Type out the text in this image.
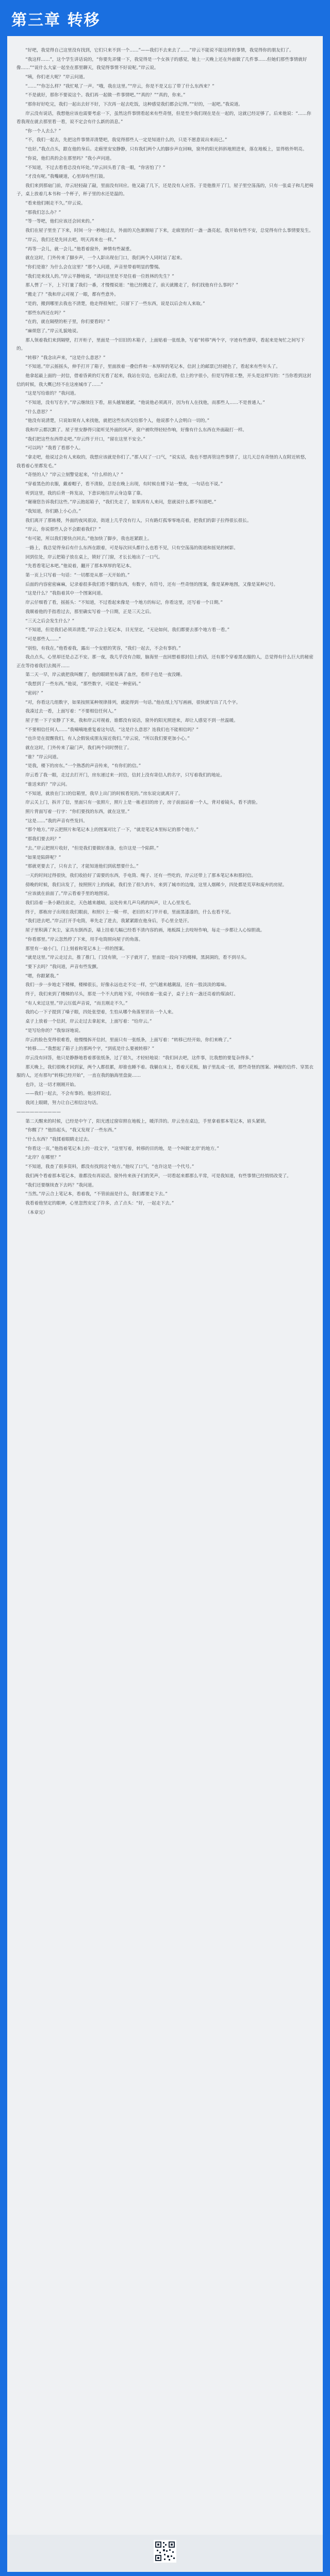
第三章 转移

“好吧，我觉得自己这里没有找到，它们只来不到一个……”——我们不去来去了……”岸云不能说不能这样的事情，我觉得你的朋友们了。

“我这样……”，这个学生讲话说的，“你要先弄懂一下，我觉得是一个女孩子的感觉，她上一天晚上还在外面做了几件事……但她们那些事情就好像……”“说什么大家一起坐在那里聊天，我觉得事情不好说呢。”岸云说。

“咦，你们老大呢？”岸云问道。

“……”“你怎么样？”我忙吼了一声。“哦，我在这里。”“岸云，你是不是又忘了带了什么东西来？”

“不是就好，那你不要说这个。我们再一起做一件事情吧。”“真的？”“真的，你来。”

“那你好好吃完，我们一起出去好不好，下次再一起去吃饭，这种感觉我们都会记得。”“好的，一起吧。”我说道。

岸云没有说话，我想他应该也需要考虑一下，虽然这件事情看起来有些奇怪，但是至少我们现在是在一起的，这就已经足够了。后来他说：“……你看我现在就去那里看一看，说不定会有什么新的消息。”

“你一个人去么？”

“不，我们一起去，先把这件事情弄清楚吧，我觉得那些人一定是知道什么的，只是不愿意说出来而已。”

“也好。”我点点头，跟在他的身后。走廊里安安静静，只有我们两个人的脚步声在回响，窗外的阳光斜斜地照进来，落在地板上，显得格外明亮。

“你说，他们真的会在那里吗？”我小声问道。

“不知道，不过去看看总没有坏处。”岸云回头看了我一眼，“你害怕了？”

“才没有呢。”我嘴硬道，心里却有些打鼓。

我们来到那扇门前，岸云轻轻敲了敲，里面没有回应。他又敲了几下，还是没有人应答。于是他推开了门，屋子里空荡荡的，只有一张桌子和几把椅子，桌上放着几本书和一个杯子，杯子里的水还是温的。

“看来他们刚走不久。”岸云说。

“那我们怎么办？”

“等一等吧，他们应该还会回来的。”

我们在屋子里坐了下来，时间一分一秒地过去，外面的天色渐渐暗了下来，走廊里的灯一盏一盏亮起，我开始有些不安，总觉得有什么事情要发生。

“岸云，我们还是先回去吧，明天再来也一样。”

“再等一会儿，就一会儿。”他看着窗外，神情有些凝重。

就在这时，门外传来了脚步声，一个人影出现在门口，我们两个人同时站了起来。

“你们是谁？为什么会在这里？”那个人问道，声音里带着明显的警惕。

“我们是来找人的。”岸云平静地说，“请问这里是不是住着一位姓林的先生？”

那人愣了一下，上下打量了我们一番，才慢慢说道：“他已经搬走了，前天就搬走了，你们找他有什么事吗？”

“搬走了？”我和岸云对视了一眼，都有些意外。

“是的，搬到哪里去我也不清楚，他走得很匆忙，只留下了一些东西，说是以后会有人来取。”

“那些东西还在吗？”

“在的，就在隔壁的柜子里，你们要看吗？”

“麻烦您了。”岸云礼貌地说。

那人领着我们来到隔壁，打开柜子，里面是一个旧旧的木箱子，上面贴着一张纸条，写着“转移”两个字，字迹有些潦草，看起来是匆忙之间写下的。

“转移？”我念出声来，“这是什么意思？”

“不知道。”岸云摇摇头，伸手打开了箱子，里面放着一叠信件和一本厚厚的笔记本，信封上的邮票已经褪色了，看起来有些年头了。

他拿起最上面的一封信，借着昏黄的灯光看了起来，我站在旁边，也凑过去看，信上的字很小，但是写得很工整，开头是这样写的：“当你看到这封信的时候，我大概已经不在这座城市了……”

“这是写给谁的？”我问道。

“不知道，没有写名字。”岸云继续往下看，眉头越皱越紧，“他说他必须离开，因为有人在找他，而那些人……不是普通人。”

“什么意思？”

“他没有说清楚，只说如果有人来找他，就把这些东西交给那个人，他说那个人会明白一切的。”

我和岸云都沉默了。屋子里安静得只能听见外面的风声，窗户被吹得轻轻作响，好像有什么东西在外面敲打一样。

“我们把这些东西带走吧。”岸云终于开口，“留在这里不安全。”

“可以吗？”我看了看那个人。

“拿走吧，他说过会有人来取的，我想应该就是你们了。”那人叹了一口气，“说实话，我也不想再管这些事情了，这几天总有奇怪的人在附近转悠，我看着心里都发毛。”

“奇怪的人？”岸云立刻警觉起来，“什么样的人？”

“穿着黑色的衣服，戴着帽子，看不清脸，总是在晚上出现，有时候在楼下站一整夜，一句话也不说。”

听到这里，我的后背一阵发凉，下意识地往岸云身边靠了靠。

“谢谢您告诉我们这些。”岸云抱起箱子，“我们先走了，如果再有人来问，您就说什么都不知道吧。”

“我知道，你们路上小心点。”

我们离开了那栋楼，外面的夜风很凉，街道上几乎没有行人，只有路灯孤零零地亮着，把我们的影子拉得很长很长。

“岸云，你说那些人会不会跟着我们？”

“有可能，所以我们要快点回去。”他加快了脚步，我也赶紧跟上。

一路上，我总觉得身后有什么东西在跟着，可是每次回头都什么也看不见，只有空荡荡的街道和摇晃的树影。

回到住处，岸云把箱子放在桌上，锁好了门窗，才长长地出了一口气。

“先看看笔记本吧。”他说着，翻开了那本厚厚的笔记本。

第一页上只写着一句话：“一切都是从那一天开始的。”

后面的内容密密麻麻，记录着很多我们看不懂的东西，有数字，有符号，还有一些奇怪的图案，像是某种地图，又像是某种记号。

“这是什么？”我指着其中一个图案问道。

岸云仔细看了看，摇摇头：“不知道，不过看起来像是一个地方的标记，你看这里，还写着一个日期。”

我顺着他的手指看过去，那里确实写着一个日期，正是三天之后。

“三天之后会发生什么？”

“不知道，但是我们必须弄清楚。”岸云合上笔记本，目光坚定，“无论如何，我们都要去那个地方看一看。”

“可是那些人……”

“别怕，有我在。”他看着我，露出一个安慰的笑容，“我们一起去，不会有事的。”

我点点头，心里却还是忐忑不安。那一夜，我几乎没有合眼，脑海里一直回想着那封信上的话，还有那个穿着黑衣服的人，总觉得有什么巨大的秘密正在等待着我们去揭开……

第二天一早，岸云就把我叫醒了，他的眼睛里布满了血丝，看样子也是一夜没睡。

“我想到了一些东西。”他说，“那些数字，可能是一种密码。”

“密码？”

“对，你看这几组数字，如果按照某种规律排列，就能得到一句话。”他在纸上写写画画，很快就写出了几个字。

我凑过去一看，上面写着：“不要相信任何人。”

屋子里一下子安静了下来，我和岸云对视着，谁都没有说话，窗外的阳光照进来，却让人感觉不到一丝温暖。

“不要相信任何人……”我喃喃地重复着这句话，“这是什么意思？连我们也不能相信吗？”

“也许是在提醒我们，有人会假装成朋友接近我们。”岸云说，“所以我们要更加小心。”

就在这时，门外传来了敲门声，我们两个同时愣住了。

“谁？”岸云问道。

“是我，楼下的房东。”一个熟悉的声音传来，“有你们的信。”

岸云看了我一眼，走过去打开门，房东递过来一封信，信封上没有寄信人的名字，只写着我们的地址。

“谁送来的？”岸云问。

“不知道，就放在门口的信箱里，我早上出门的时候看见的。”房东说完就离开了。

岸云关上门，拆开了信，里面只有一张照片，照片上是一栋老旧的房子，房子前面站着一个人，背对着镜头，看不清脸。

照片背面写着一行字：“你们要找的东西，就在这里。”

“这是……”我的声音有些发抖。

“那个地方。”岸云把照片和笔记本上的图案对比了一下，“就是笔记本里标记的那个地方。”

“那我们要去吗？”

“去。”岸云把照片收好，“但是我们要做好准备，也许这是一个陷阱。”

“如果是陷阱呢？”

“那就更要去了，只有去了，才能知道他们到底想要什么。”

一天的时间过得很快，我们收拾好了需要的东西，手电筒、绳子、还有一些吃的，岸云还带上了那本笔记本和那封信。

傍晚的时候，我们出发了，按照照片上的线索，我们坐了很久的车，来到了城市的边缘，这里人烟稀少，四处都是荒草和废弃的房屋。

“应该就在前面了。”岸云看着手里的地图说。

我们沿着一条小路往前走，天色越来越暗，远处传来几声乌鸦的叫声，让人心里发毛。

终于，那栋房子出现在我们眼前，和照片上一模一样，老旧的木门半开着，里面黑漆漆的，什么也看不见。

“我们进去吧。”岸云打开手电筒，率先走了进去，我紧紧跟在他身后，手心里全是汗。

屋子里积满了灰尘，家具东倒西歪，墙上挂着几幅已经看不清内容的画，地板踩上去吱呀作响，每走一步都让人心惊胆战。

“你看那里。”岸云忽然停了下来，用手电筒照向屋子的角落。

那里有一扇小门，门上刻着和笔记本上一样的图案。

“就是这里。”岸云走过去，推了推门，门没有锁，一下子就开了，里面是一段向下的楼梯，黑洞洞的，看不到尽头。

“要下去吗？”我问道，声音有些发颤。

“嗯，你跟紧我。”

我们一步一步地走下楼梯，楼梯很长，好像永远也走不完一样，空气越来越潮湿，还有一股淡淡的霉味。

终于，我们来到了楼梯的尽头，那是一个不大的地下室，中间放着一张桌子，桌子上有一盏还亮着的煤油灯。

“有人来过这里。”岸云压低声音说，“而且刚走不久。”

我的心一下子提到了嗓子眼，四处张望着，生怕从哪个角落里冒出一个人来。

桌子上放着一个信封，岸云走过去拿起来，上面写着：“给岸云。”

“是写给你的？”我惊讶地说。

岸云的脸色变得很难看，他慢慢拆开信封，里面只有一张纸条，上面写着：“转移已经开始，你们来晚了。”

“转移……”我想起了箱子上的那两个字，“到底是什么要被转移？”

岸云没有回答，他只是静静地看着那张纸条，过了很久，才轻轻地说：“我们回去吧，这件事，比我想的要复杂得多。”

那天晚上，我们很晚才回到家，两个人都很累，却谁也睡不着。我躺在床上，看着天花板，脑子里乱成一团，那些奇怪的图案、神秘的信件、穿黑衣服的人，还有那句“转移已经开始”，一直在我的脑海里盘旋……

也许，这一切才刚刚开始。

——我们一起去，不会有事的。他这样说过。

我闭上眼睛，努力让自己相信这句话。

——————————

第二天醒来的时候，已经是中午了，阳光透过窗帘照在地板上，暖洋洋的。岸云坐在桌边，手里拿着那本笔记本，眉头紧锁。

“你醒了？”他抬起头，“我又发现了一些东西。”

“什么东西？”我揉着眼睛走过去。

“你看这一页，”他指着笔记本上的一段文字，“这里写着，转移的目的地，是一个叫做‘北岸’的地方。”

“北岸？在哪里？”

“不知道，我查了很多资料，都没有找到这个地方。”他叹了口气，“也许这是一个代号。”

我们两个看着那本笔记本，谁都没有再说话。窗外传来孩子们的笑声，一切看起来都那么平常，可是我知道，有些事情已经悄悄改变了。

“我们还要继续查下去吗？”我问道。

“当然。”岸云合上笔记本，看着我，“不管前面是什么，我们都要走下去。”

我看着他坚定的眼神，心里忽然安定了许多，点了点头：“好，一起走下去。”

（本章完）
